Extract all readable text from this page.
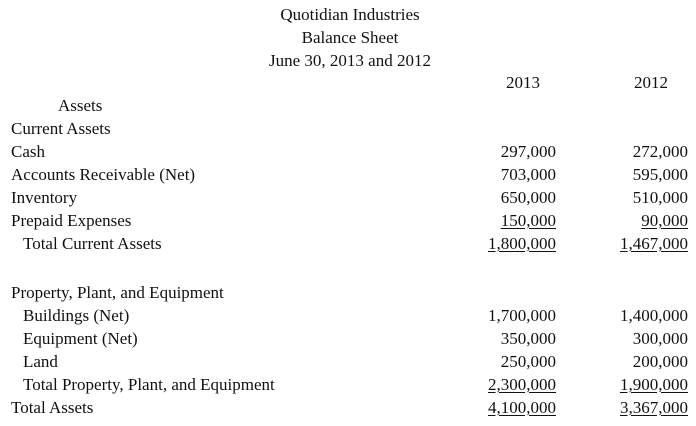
Quotidian Industries
Balance Sheet
June 30, 2013 and 2012
2013	2012
Assets
Current Assets
Cash	297,000	272,000
Accounts Receivable (Net)	703,000	595,000
Inventory	650,000	510,000
Prepaid Expenses	150,000	90,000
Total Current Assets	1,800,000	1,467,000
Property, Plant, and Equipment
Buildings (Net)	1,700,000	1,400,000
Equipment (Net)	350,000	300,000
Land	250,000	200,000
Total Property, Plant, and Equipment	2,300,000	1,900,000
Total Assets	4,100,000	3,367,000
